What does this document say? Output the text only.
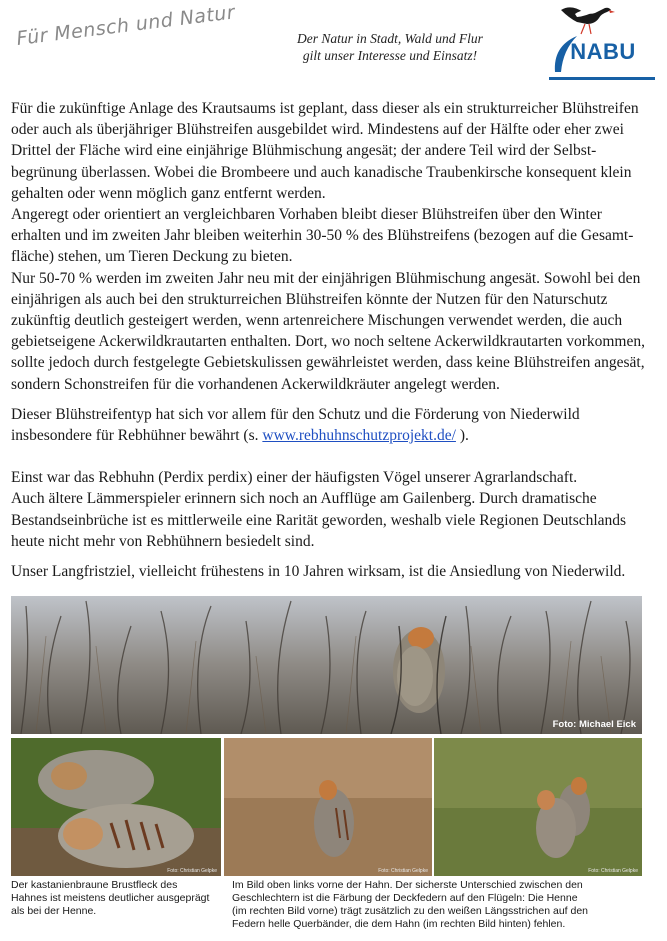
Für Mensch und Natur	Der Natur in Stadt, Wald und Flur
gilt unser Interesse und Einsatz!	NABU

Für die zukünftige Anlage des Krautsaums ist geplant, dass dieser als ein strukturreicher Blühstreifen
oder auch als überjähriger Blühstreifen ausgebildet wird. Mindestens auf der Hälfte oder eher zwei
Drittel der Fläche wird eine einjährige Blühmischung angesät; der andere Teil wird der Selbst-
begrünung überlassen. Wobei die Brombeere und auch kanadische Traubenkirsche konsequent klein
gehalten oder wenn möglich ganz entfernt werden.
Angeregt oder orientiert an vergleichbaren Vorhaben bleibt dieser Blühstreifen über den Winter
erhalten und im zweiten Jahr bleiben weiterhin 30-50 % des Blühstreifens (bezogen auf die Gesamt-
fläche) stehen, um Tieren Deckung zu bieten.
Nur 50-70 % werden im zweiten Jahr neu mit der einjährigen Blühmischung angesät. Sowohl bei den
einjährigen als auch bei den strukturreichen Blühstreifen könnte der Nutzen für den Naturschutz
zukünftig deutlich gesteigert werden, wenn artenreichere Mischungen verwendet werden, die auch
gebietseigene Ackerwildkrautarten enthalten. Dort, wo noch seltene Ackerwildkrautarten vorkommen,
sollte jedoch durch festgelegte Gebietskulissen gewährleistet werden, dass keine Blühstreifen angesät,
sondern Schonstreifen für die vorhandenen Ackerwildkräuter angelegt werden.

Dieser Blühstreifentyp hat sich vor allem für den Schutz und die Förderung von Niederwild
insbesondere für Rebhühner bewährt (s. www.rebhuhnschutzprojekt.de/ ).

Einst war das Rebhuhn (Perdix perdix) einer der häufigsten Vögel unserer Agrarlandschaft.
Auch ältere Lämmerspieler erinnern sich noch an Aufflüge am Gailenberg. Durch dramatische
Bestandseinbrüche ist es mittlerweile eine Rarität geworden, weshalb viele Regionen Deutschlands
heute nicht mehr von Rebhühnern besiedelt sind.

Unser Langfristziel, vielleicht frühestens in 10 Jahren wirksam, ist die Ansiedlung von Niederwild.

Foto: Michael Eick
Foto: Christian Gelpke	Foto: Christian Gelpke	Foto: Christian Gelpke
Der kastanienbraune Brustfleck des
Hahnes ist meistens deutlicher ausgeprägt
als bei der Henne.
Im Bild oben links vorne der Hahn. Der sicherste Unterschied zwischen den
Geschlechtern ist die Färbung der Deckfedern auf den Flügeln: Die Henne
(im rechten Bild vorne) trägt zusätzlich zu den weißen Längsstrichen auf den
Federn helle Querbänder, die dem Hahn (im rechten Bild hinten) fehlen.
